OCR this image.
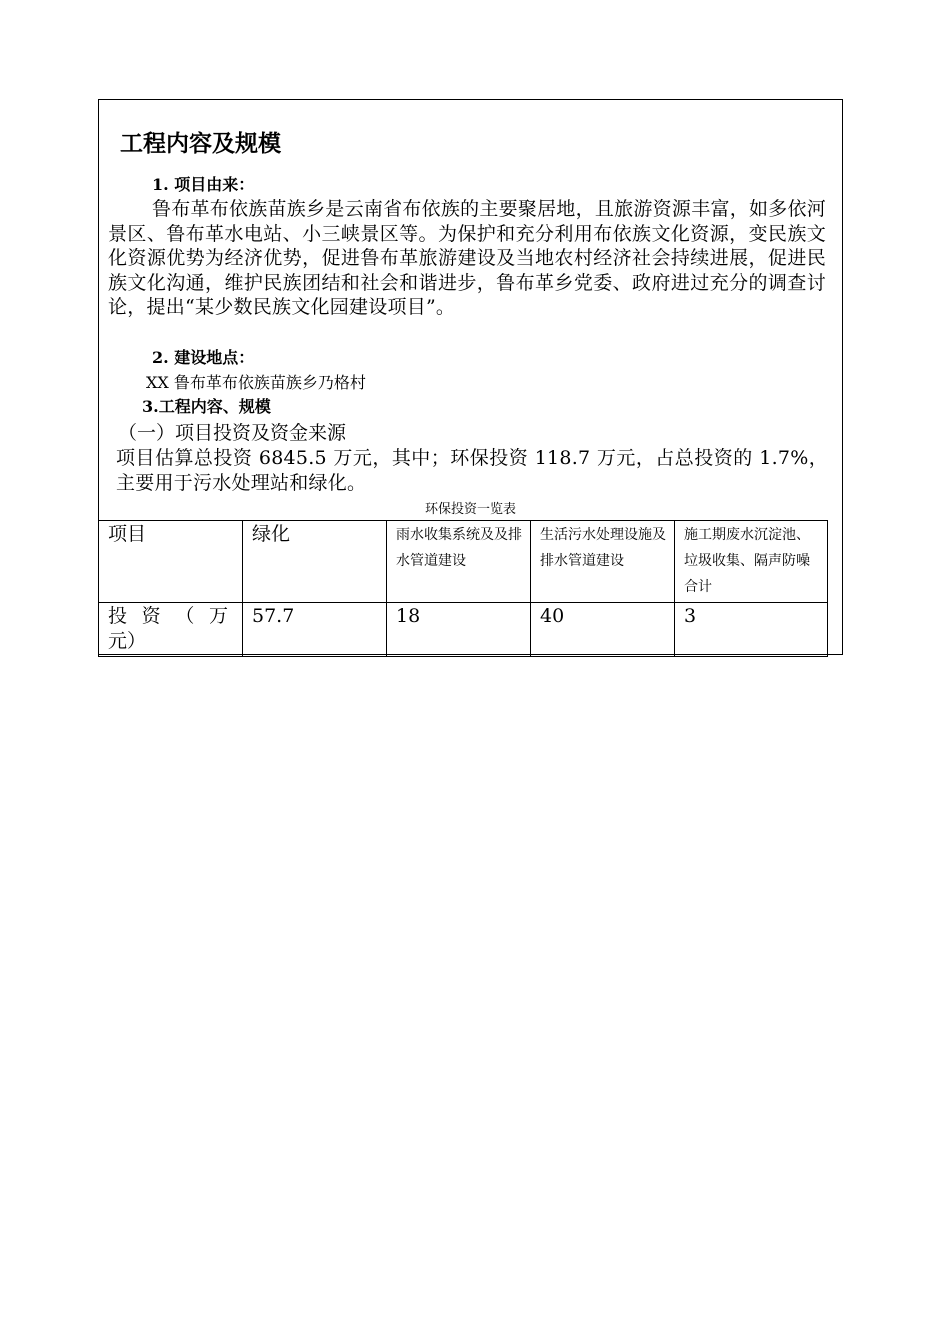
工程内容及规模
1. 项目由来：

鲁布革布依族苗族乡是云南省布依族的主要聚居地，且旅游资源丰富，如多依河景区、鲁布革水电站、小三峡景区等。为保护和充分利用布依族文化资源，变民族文化资源优势为经济优势，促进鲁布革旅游建设及当地农村经济社会持续进展，促进民族文化沟通，维护民族团结和社会和谐进步，鲁布革乡党委、政府进过充分的调查讨论，提出“某少数民族文化园建设项目”。

2. 建设地点：
XX 鲁布革布依族苗族乡乃格村
3.工程内容、规模
（一）项目投资及资金来源

项目估算总投资 6845.5 万元，其中；环保投资 118.7 万元，占总投资的 1.7%，主要用于污水处理站和绿化。

环保投资一览表
项目	绿化	雨水收集系统及及排水管道建设	生活污水处理设施及排水管道建设	施工期废水沉淀池、垃圾收集、隔声防噪合计

投 资 （ 万
元）	57.7	18	40	3
